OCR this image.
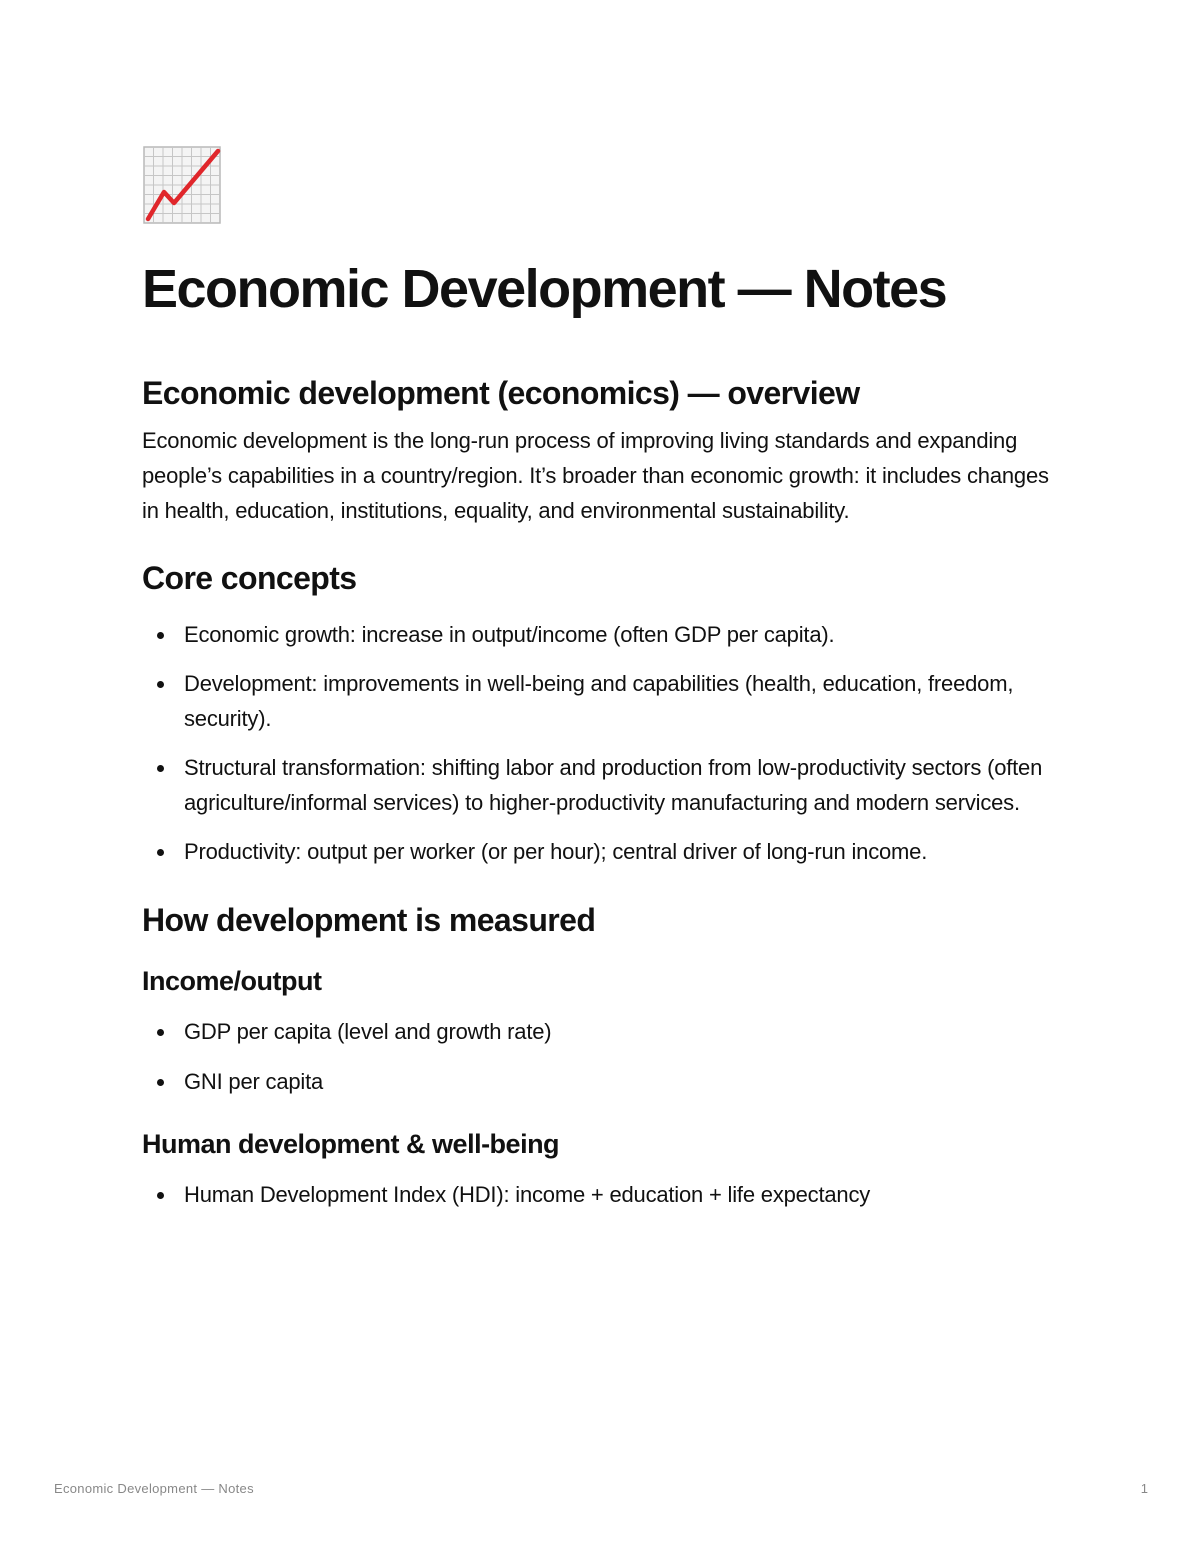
Economic Development — Notes
Economic development (economics) — overview

Economic development is the long-run process of improving living standards and expanding people’s capabilities in a country/region. It’s broader than economic growth: it includes changes in health, education, institutions, equality, and environmental sustainability.

Core concepts
Economic growth: increase in output/income (often GDP per capita).
Development: improvements in well-being and capabilities (health, education, freedom, security).
Structural transformation: shifting labor and production from low-productivity sectors (often agriculture/informal services) to higher-productivity manufacturing and modern services.
Productivity: output per worker (or per hour); central driver of long-run income.
How development is measured
Income/output
GDP per capita (level and growth rate)
GNI per capita
Human development & well-being
Human Development Index (HDI): income + education + life expectancy
Economic Development — Notes	1
